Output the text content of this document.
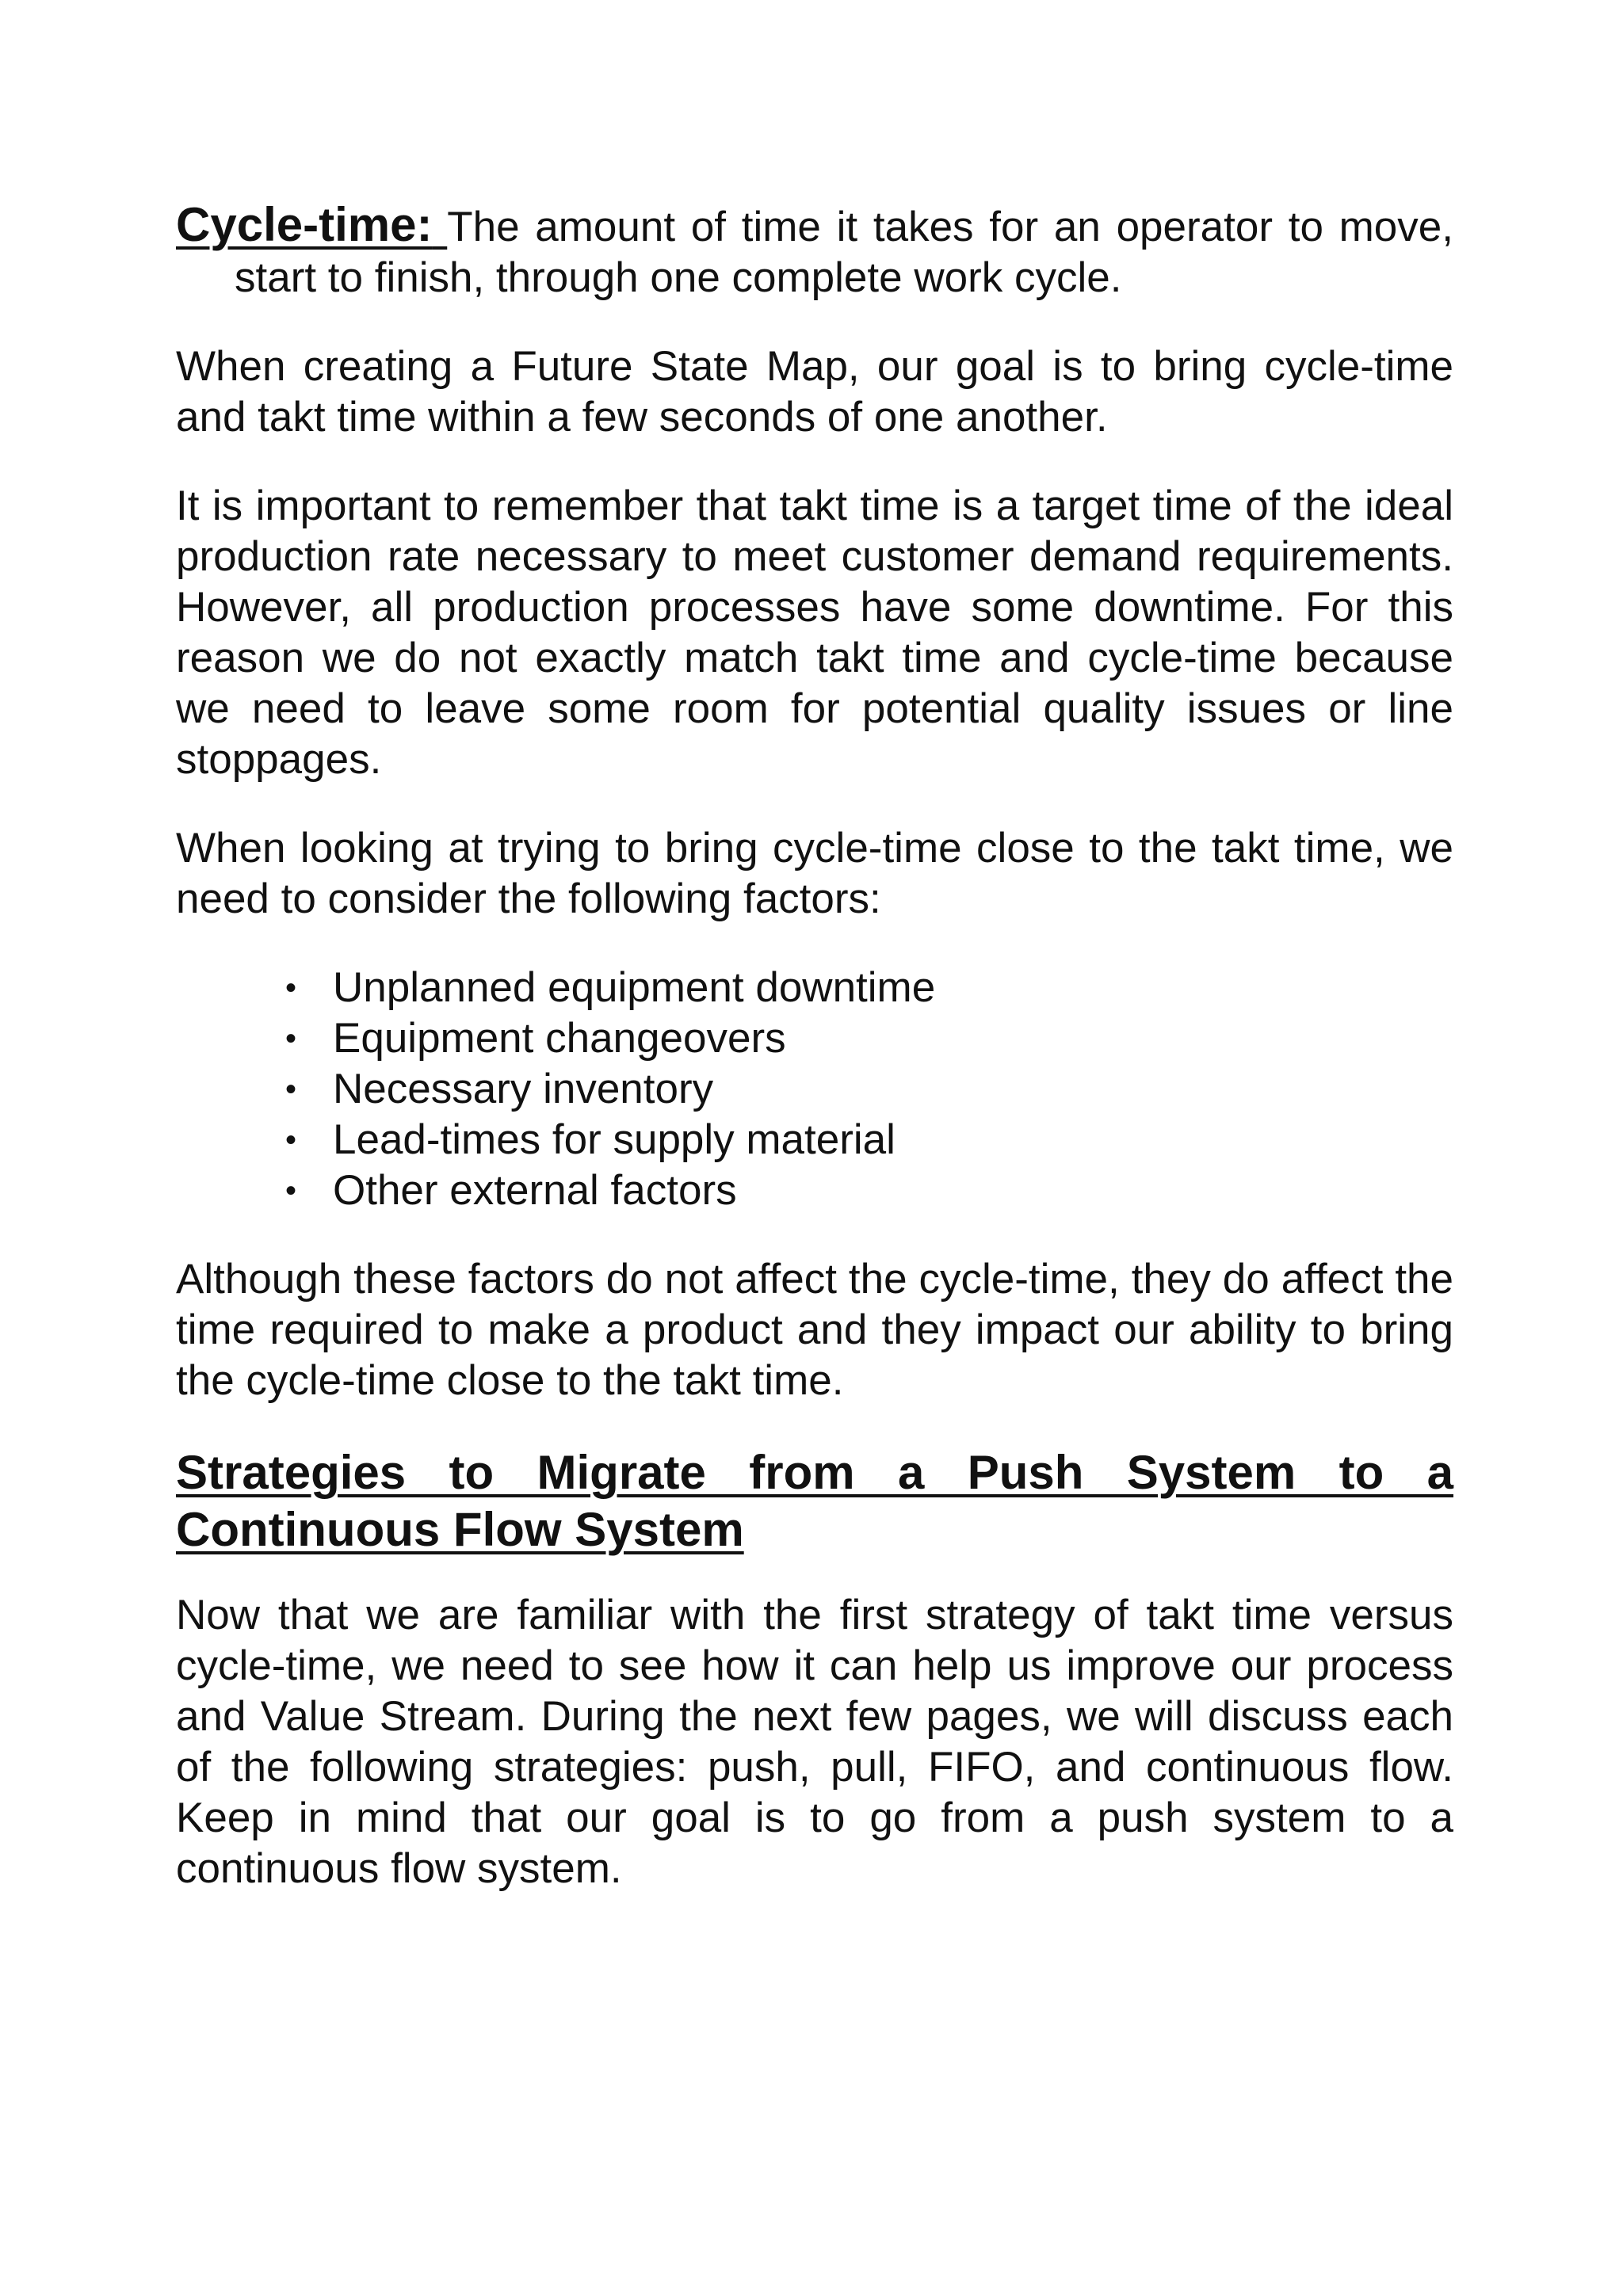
Cycle-time: The amount of time it takes for an operator to move, start to finish, through one complete work cycle.

When creating a Future State Map, our goal is to bring cycle-time and takt time within a few seconds of one another.

It is important to remember that takt time is a target time of the ideal production rate necessary to meet customer demand requirements. However, all production processes have some downtime. For this reason we do not exactly match takt time and cycle-time because we need to leave some room for potential quality issues or line stoppages.

When looking at trying to bring cycle-time close to the takt time, we need to consider the following factors:

• Unplanned equipment downtime
• Equipment changeovers
• Necessary inventory
• Lead-times for supply material
• Other external factors

Although these factors do not affect the cycle-time, they do affect the time required to make a product and they impact our ability to bring the cycle-time close to the takt time.

Strategies to Migrate from a Push System to a Continuous Flow System

Now that we are familiar with the first strategy of takt time versus cycle-time, we need to see how it can help us improve our process and Value Stream. During the next few pages, we will discuss each of the following strategies: push, pull, FIFO, and continuous flow. Keep in mind that our goal is to go from a push system to a continuous flow system.
